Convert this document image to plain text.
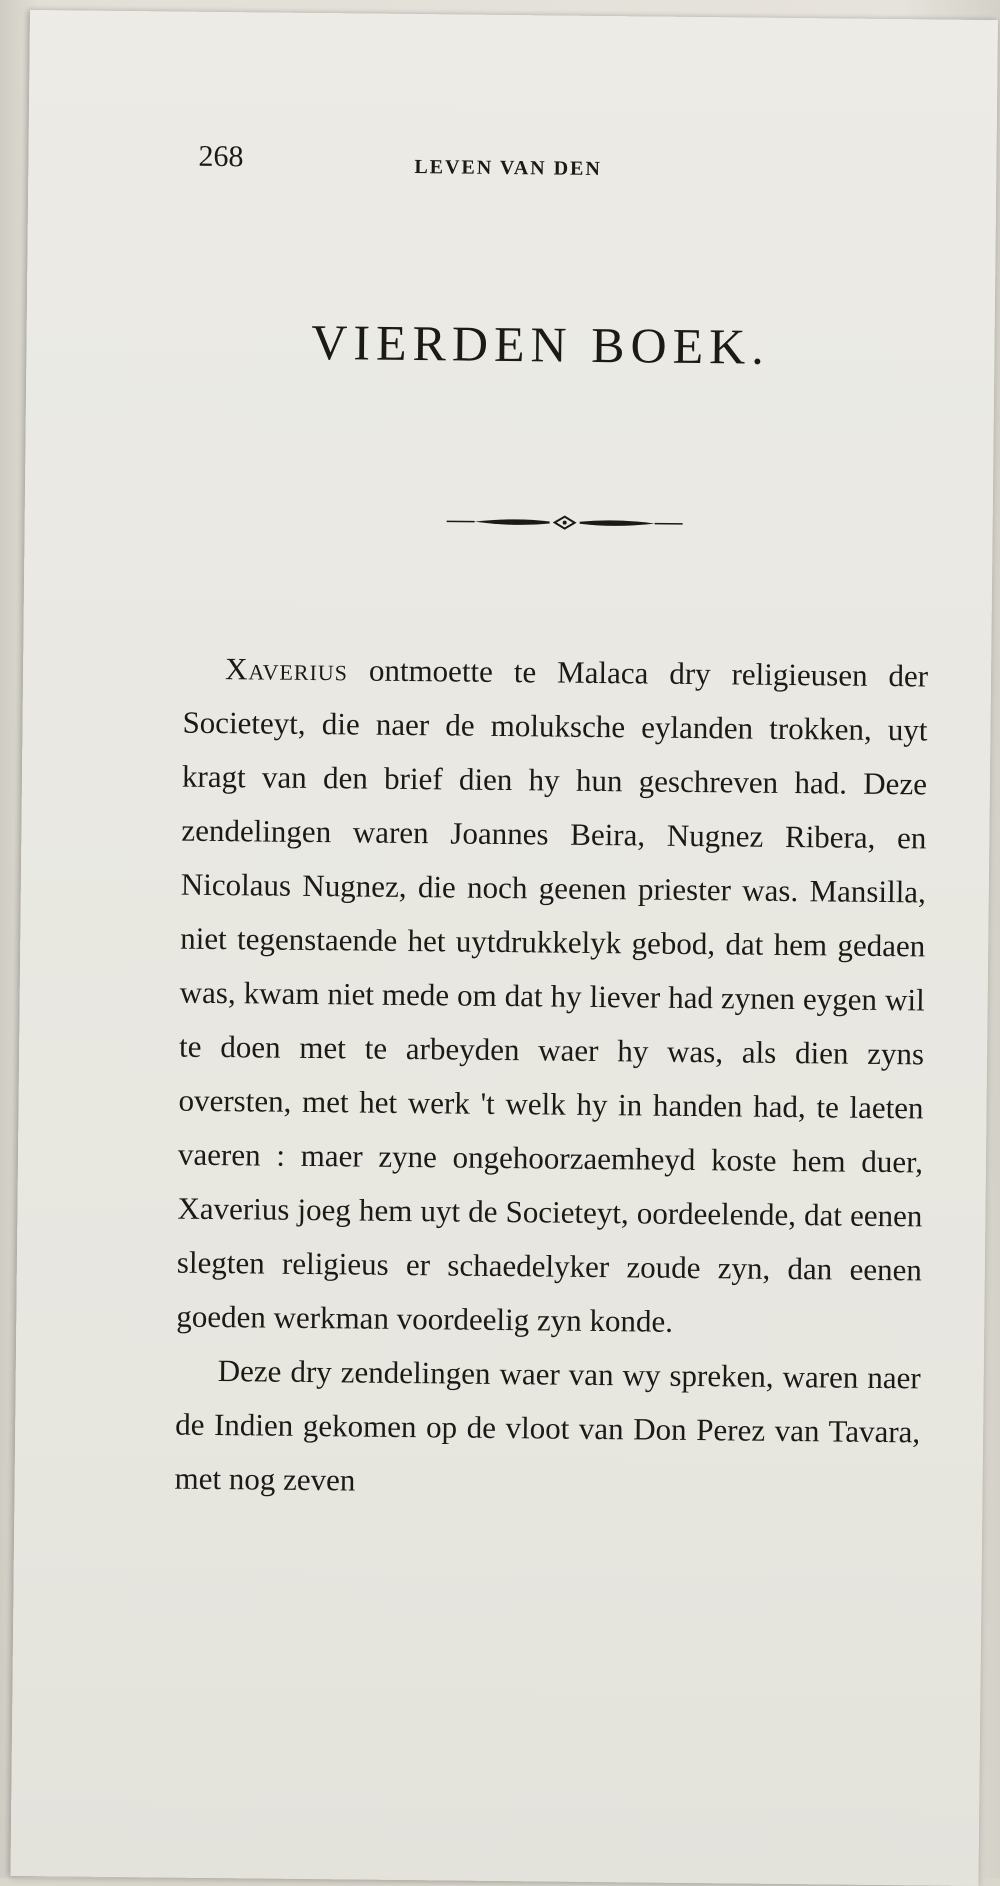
268	LEVEN VAN DEN
VIERDEN BOEK.

Xaverius ontmoette te Malaca dry religieusen der Societeyt, die naer de moluksche eylanden trokken, uyt kragt van den brief dien hy hun geschreven had. Deze zendelingen waren Joannes Beira, Nugnez Ribera, en Nicolaus Nugnez, die noch geenen priester was. Mansilla, niet tegenstaende het uytdrukkelyk gebod, dat hem gedaen was, kwam niet mede om dat hy liever had zynen eygen wil te doen met te arbeyden waer hy was, als dien zyns oversten, met het werk 't welk hy in handen had, te laeten vaeren : maer zyne ongehoorzaemheyd koste hem duer, Xaverius joeg hem uyt de Societeyt, oordeelende, dat eenen slegten religieus er schaedelyker zoude zyn, dan eenen goeden werkman voordeelig zyn konde.

Deze dry zendelingen waer van wy spreken, waren naer de Indien gekomen op de vloot van Don Perez van Tavara, met nog zeven
